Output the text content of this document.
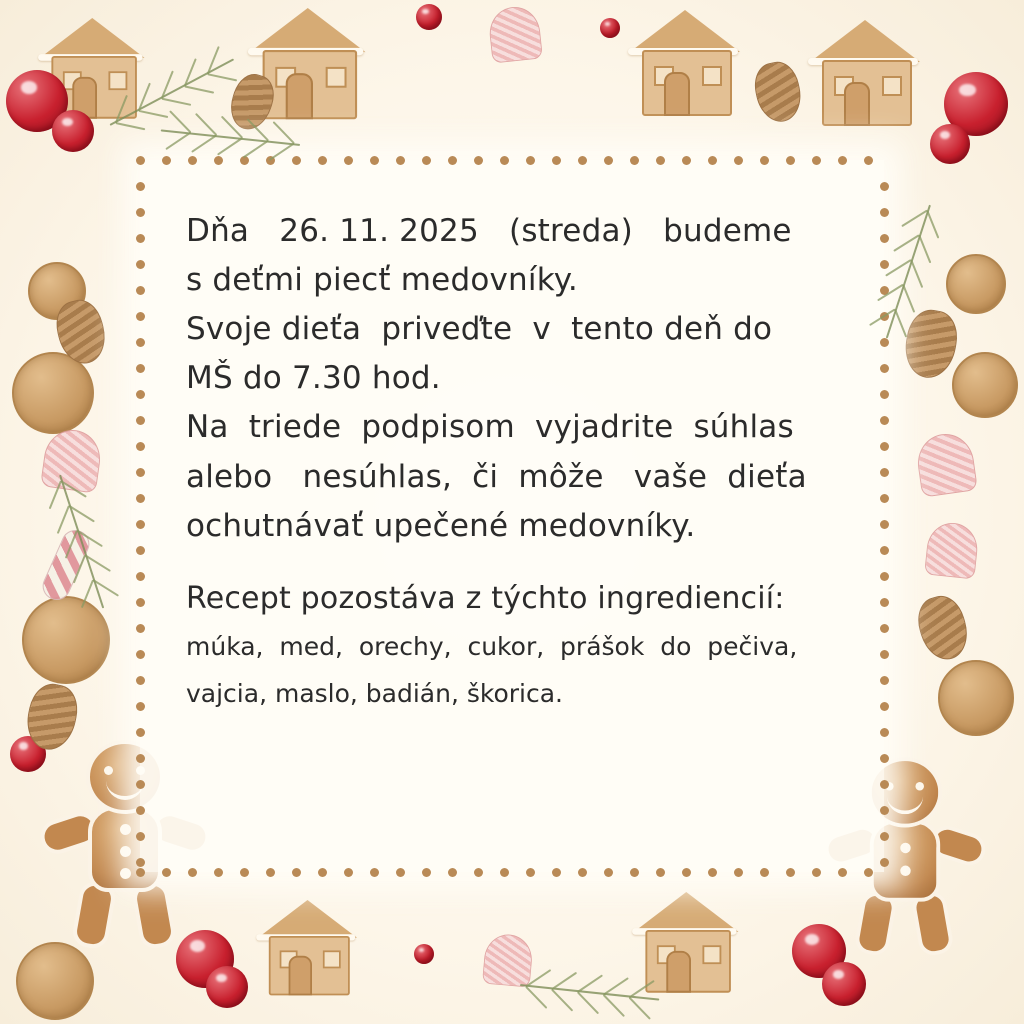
Dňa   26. 11. 2025   (streda)   budeme

s deťmi piecť medovníky.

Svoje dieťa  priveďte  v  tento deň do

MŠ do 7.30 hod.

Na  triede  podpisom  vyjadrite  súhlas

alebo   nesúhlas,  či  môže   vaše  dieťa

ochutnávať upečené medovníky.

Recept pozostáva z týchto ingrediencií:

múka,  med,  orechy,  cukor,  prášok  do  pečiva,

vajcia, maslo, badián, škorica.
